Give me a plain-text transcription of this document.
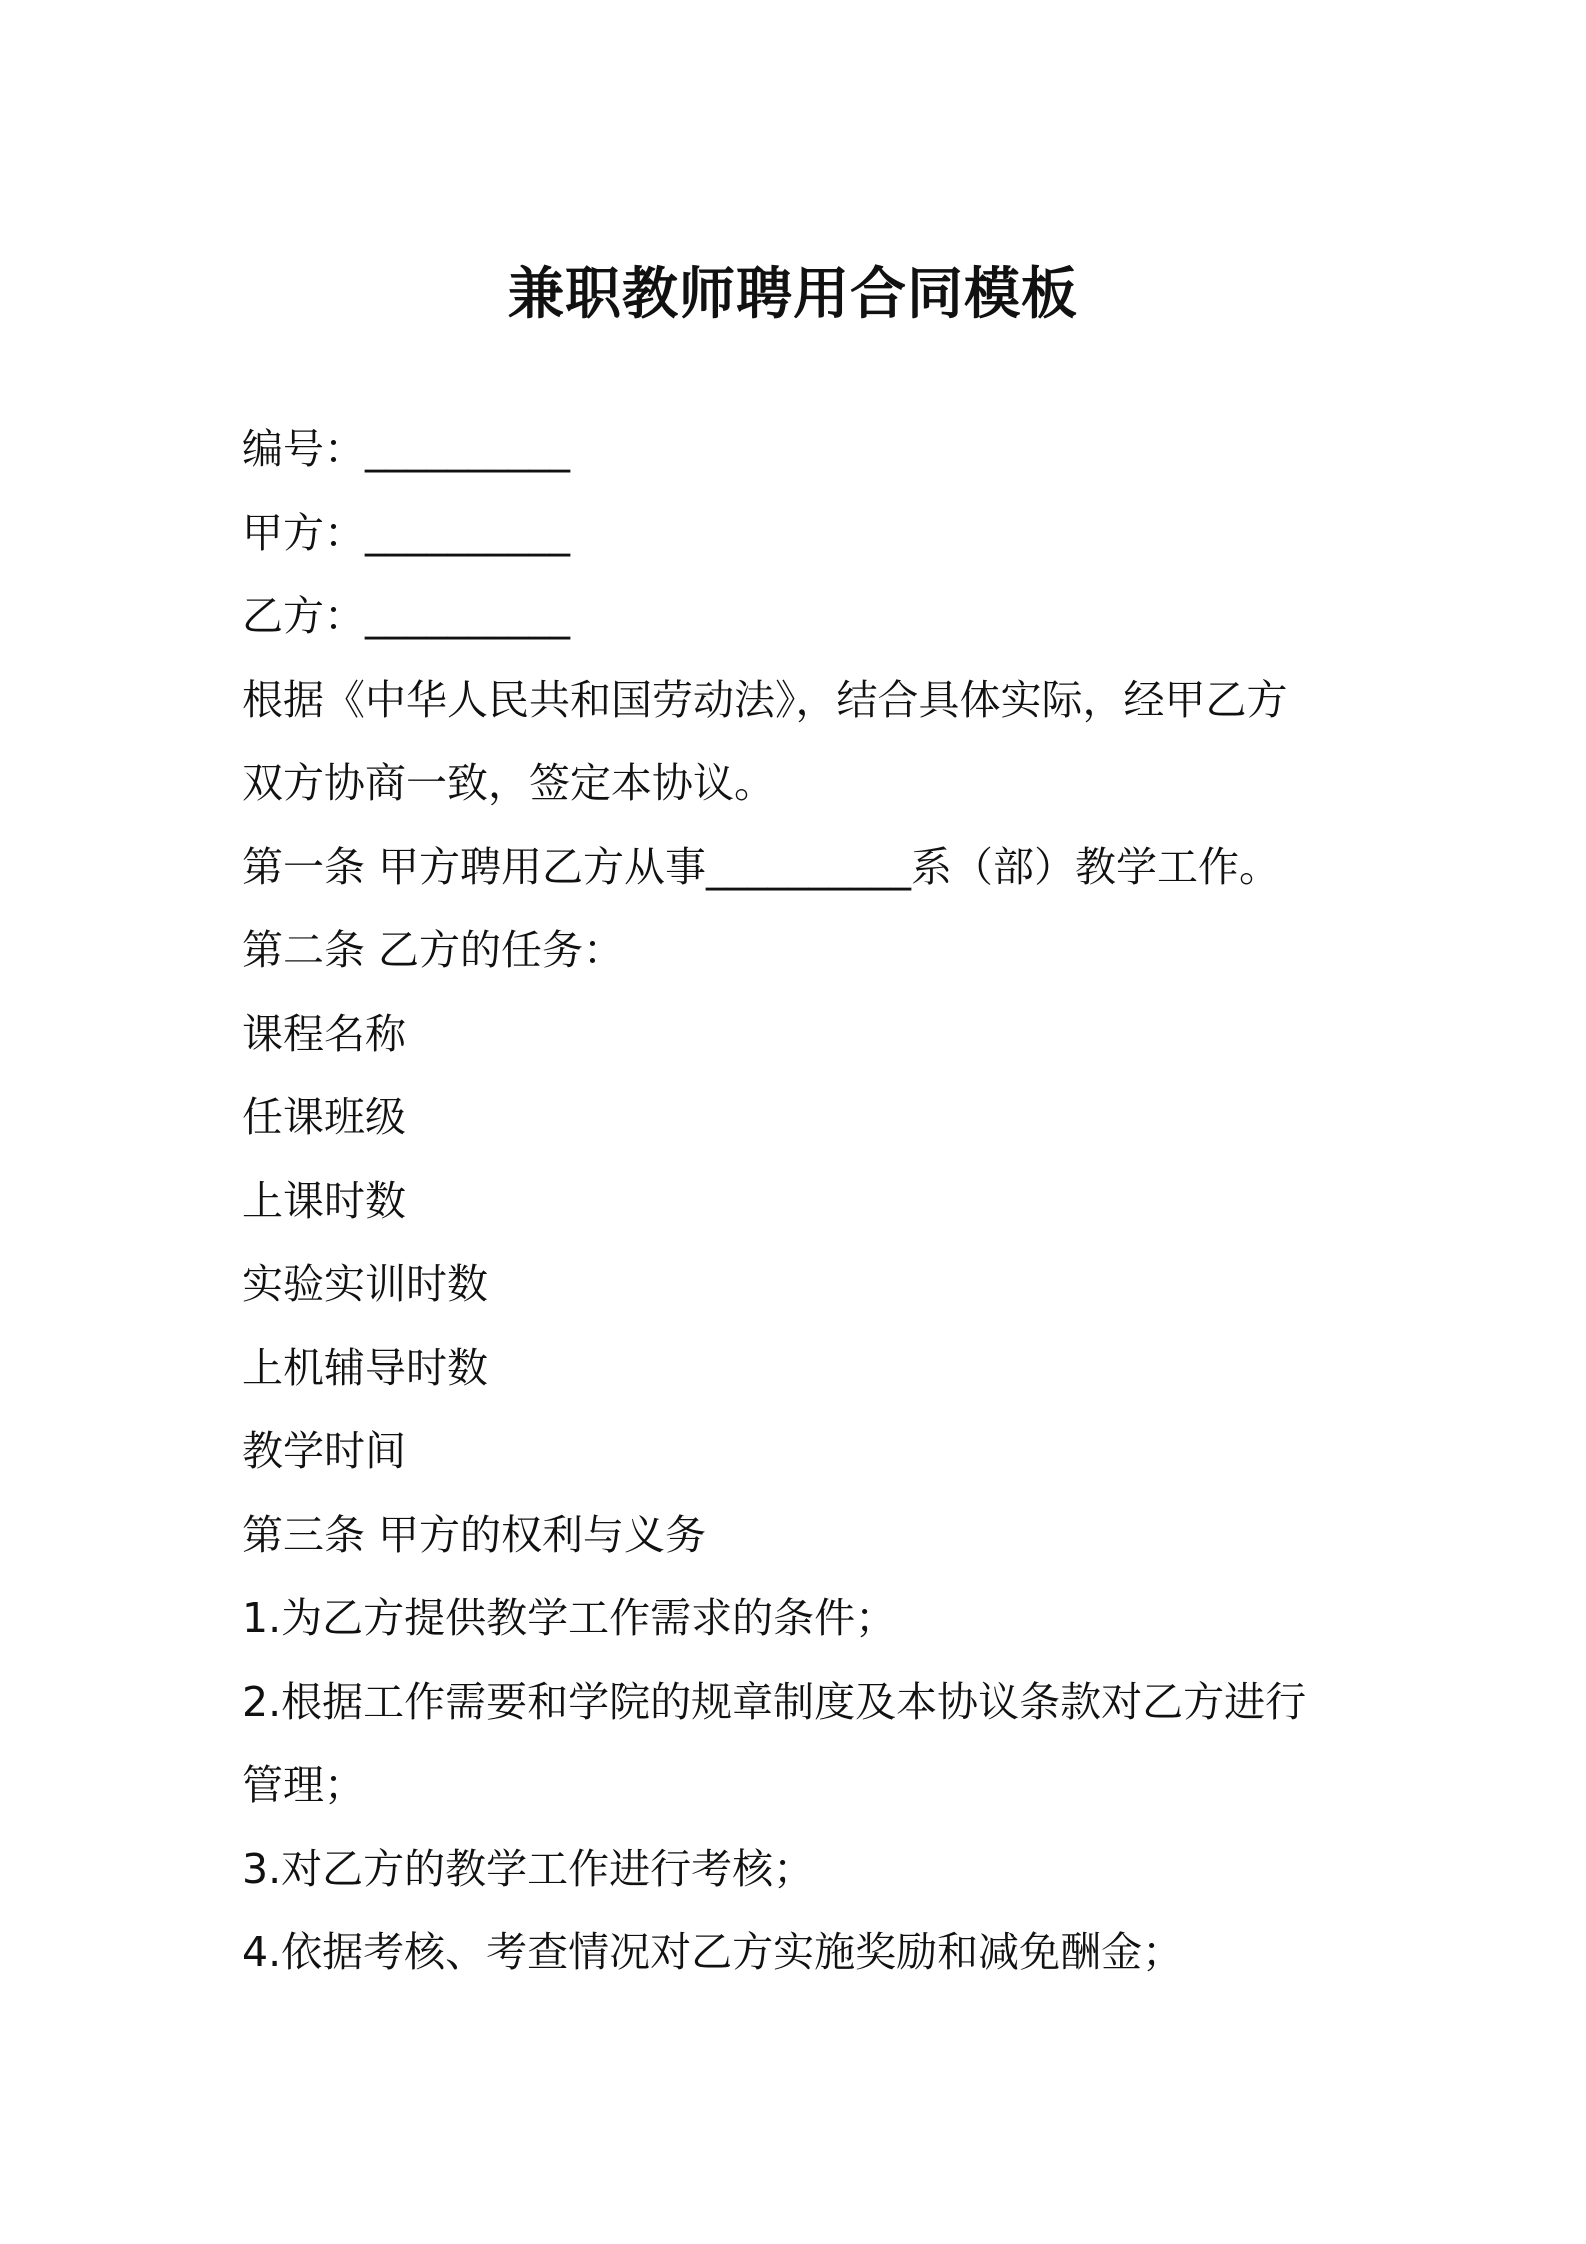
兼职教师聘用合同模板

编号：__________

甲方：__________

乙方：__________

根据《中华人民共和国劳动法》，结合具体实际，经甲乙方

双方协商一致，签定本协议。

第一条 甲方聘用乙方从事__________系（部）教学工作。

第二条 乙方的任务：

课程名称

任课班级

上课时数

实验实训时数

上机辅导时数

教学时间

第三条 甲方的权利与义务

1.为乙方提供教学工作需求的条件；

2.根据工作需要和学院的规章制度及本协议条款对乙方进行

管理；

3.对乙方的教学工作进行考核；

4.依据考核、考查情况对乙方实施奖励和减免酬金；
